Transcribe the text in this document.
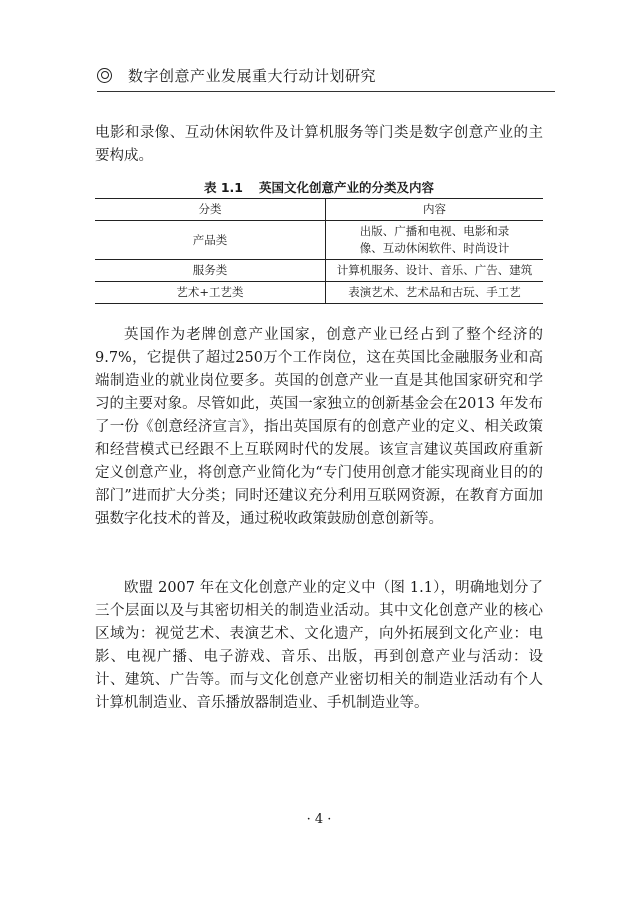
数字创意产业发展重大行动计划研究

电影和录像、互动休闲软件及计算机服务等门类是数字创意产业的主要构成。

表 1.1 英国文化创意产业的分类及内容
分类	内容
产品类	出版、广播和电视、电影和录像、互动休闲软件、时尚设计
服务类	计算机服务、设计、音乐、广告、建筑
艺术+工艺类	表演艺术、艺术品和古玩、手工艺

英国作为老牌创意产业国家，创意产业已经占到了整个经济的9.7%，它提供了超过250万个工作岗位，这在英国比金融服务业和高端制造业的就业岗位要多。英国的创意产业一直是其他国家研究和学习的主要对象。尽管如此，英国一家独立的创新基金会在2013 年发布了一份《创意经济宣言》，指出英国原有的创意产业的定义、相关政策和经营模式已经跟不上互联网时代的发展。该宣言建议英国政府重新定义创意产业，将创意产业简化为“专门使用创意才能实现商业目的的部门”进而扩大分类；同时还建议充分利用互联网资源，在教育方面加强数字化技术的普及，通过税收政策鼓励创意创新等。

欧盟 2007 年在文化创意产业的定义中（图 1.1），明确地划分了三个层面以及与其密切相关的制造业活动。其中文化创意产业的核心区域为：视觉艺术、表演艺术、文化遗产，向外拓展到文化产业：电影、电视广播、电子游戏、音乐、出版，再到创意产业与活动：设计、建筑、广告等。而与文化创意产业密切相关的制造业活动有个人计算机制造业、音乐播放器制造业、手机制造业等。

· 4 ·
